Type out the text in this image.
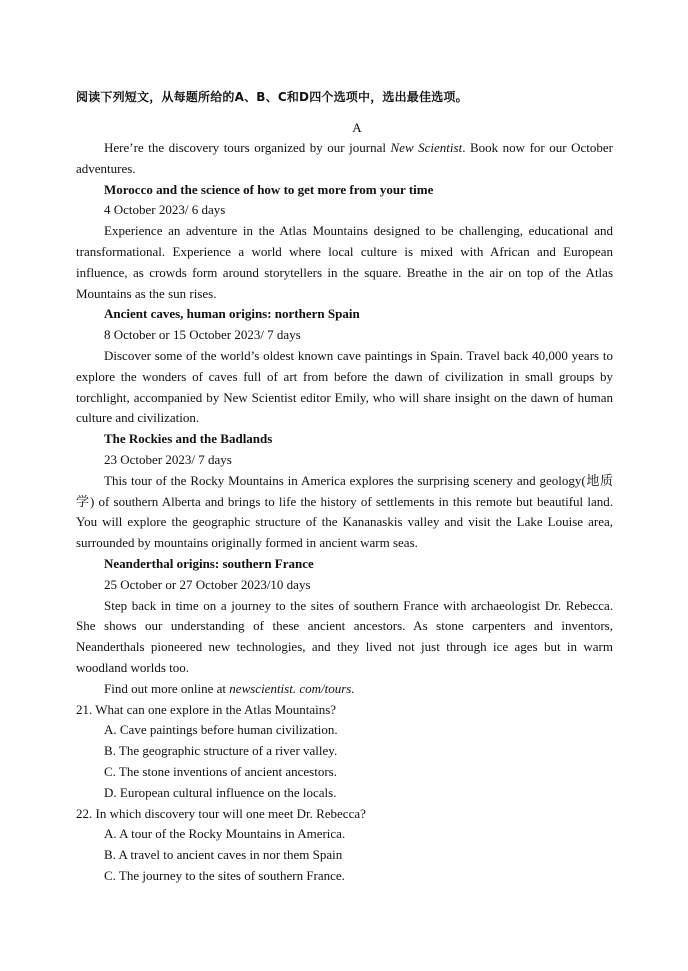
阅读下列短文，从每题所给的A、B、C和D四个选项中，选出最佳选项。
A

Here’re the discovery tours organized by our journal New Scientist. Book now for our October adventures.

Morocco and the science of how to get more from your time

4 October 2023/ 6 days

Experience an adventure in the Atlas Mountains designed to be challenging, educational and transformational. Experience a world where local culture is mixed with African and European influence, as crowds form around storytellers in the square. Breathe in the air on top of the Atlas Mountains as the sun rises.

Ancient caves, human origins: northern Spain

8 October or 15 October 2023/ 7 days

Discover some of the world’s oldest known cave paintings in Spain. Travel back 40,000 years to explore the wonders of caves full of art from before the dawn of civilization in small groups by torchlight, accompanied by New Scientist editor Emily, who will share insight on the dawn of human culture and civilization.

The Rockies and the Badlands

23 October 2023/ 7 days

This tour of the Rocky Mountains in America explores the surprising scenery and geology(地质学) of southern Alberta and brings to life the history of settlements in this remote but beautiful land. You will explore the geographic structure of the Kananaskis valley and visit the Lake Louise area, surrounded by mountains originally formed in ancient warm seas.

Neanderthal origins: southern France

25 October or 27 October 2023/10 days

Step back in time on a journey to the sites of southern France with archaeologist Dr. Rebecca. She shows our understanding of these ancient ancestors. As stone carpenters and inventors, Neanderthals pioneered new technologies, and they lived not just through ice ages but in warm woodland worlds too.

Find out more online at newscientist. com/tours.

21. What can one explore in the Atlas Mountains?

A. Cave paintings before human civilization.

B. The geographic structure of a river valley.

C. The stone inventions of ancient ancestors.

D. European cultural influence on the locals.

22. In which discovery tour will one meet Dr. Rebecca?

A. A tour of the Rocky Mountains in America.

B. A travel to ancient caves in nor them Spain

C. The journey to the sites of southern France.
